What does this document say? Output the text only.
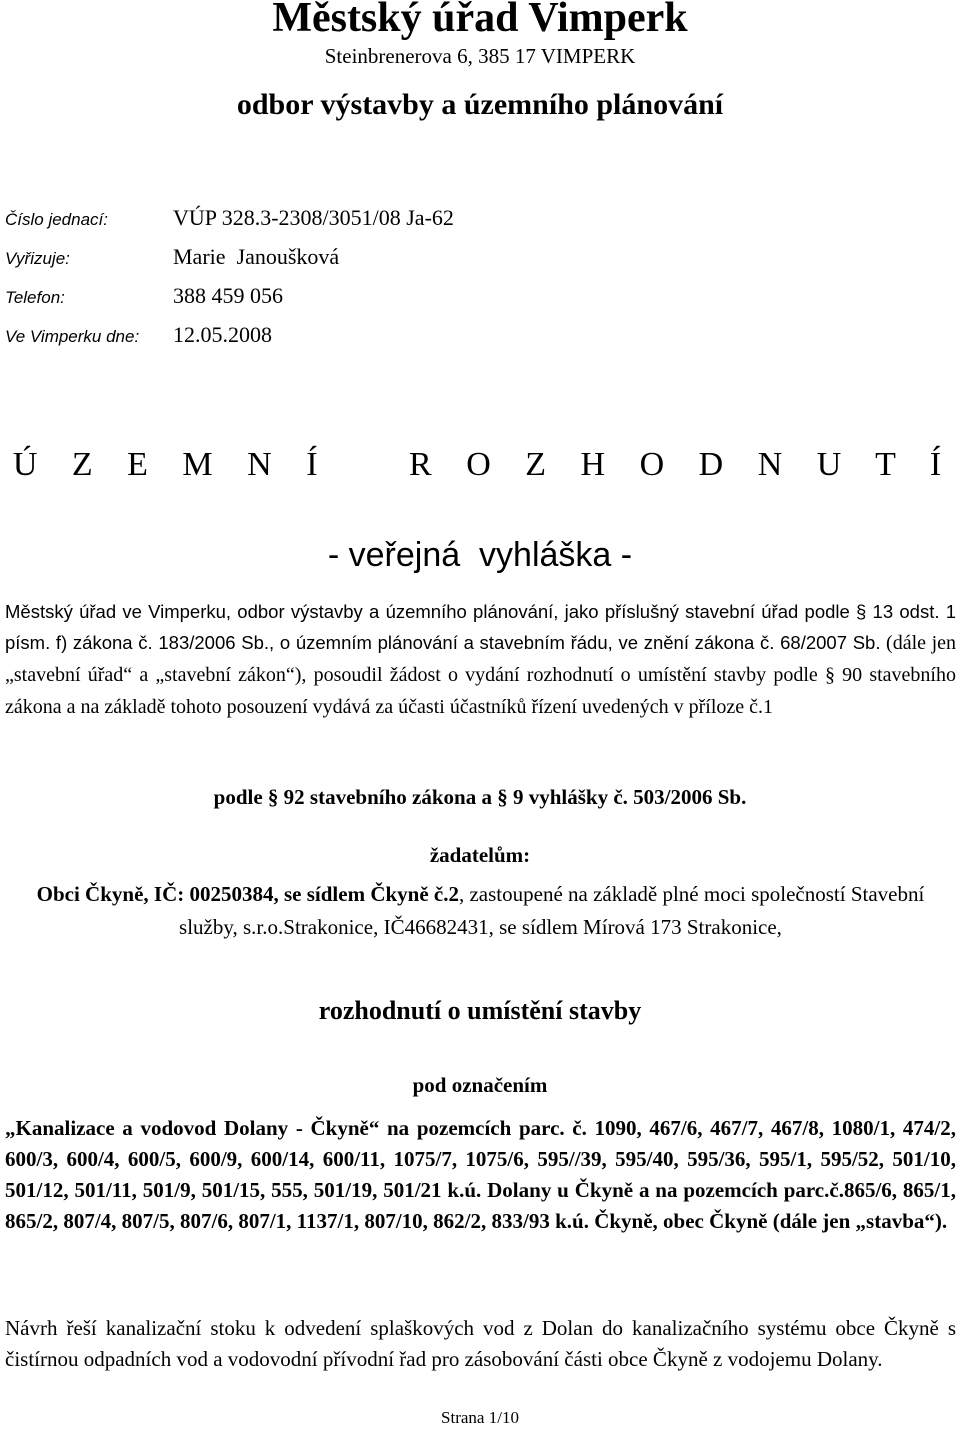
Městský úřad Vimperk
Steinbrenerova 6, 385 17 VIMPERK
odbor výstavby a územního plánování
Číslo jednací:	VÚP 328.3-2308/3051/08 Ja-62
Vyřizuje:	Marie  Janoušková
Telefon:	388 459 056
Ve Vimperku dne:	12.05.2008
Ú Z E M N Í   R O Z H O D N U T Í
- veřejná  vyhláška -
Městský úřad ve Vimperku, odbor výstavby a územního plánování, jako příslušný stavební úřad podle § 13 odst. 1 písm. f) zákona č. 183/2006 Sb., o územním plánování a stavebním řádu, ve znění zákona č. 68/2007 Sb. (dále jen „stavební úřad“ a „stavební zákon“), posoudil žádost o vydání rozhodnutí o umístění stavby podle § 90 stavebního zákona a na základě tohoto posouzení vydává za účasti účastníků řízení uvedených v příloze č.1
podle § 92 stavebního zákona a § 9 vyhlášky č. 503/2006 Sb.
žadatelům:
Obci Čkyně, IČ: 00250384, se sídlem Čkyně č.2, zastoupené na základě plné moci společností Stavební služby, s.r.o.Strakonice, IČ46682431, se sídlem Mírová 173 Strakonice,
rozhodnutí o umístění stavby
pod označením
„Kanalizace a vodovod Dolany - Čkyně“ na pozemcích parc. č. 1090, 467/6, 467/7, 467/8, 1080/1, 474/2, 600/3, 600/4, 600/5, 600/9, 600/14, 600/11, 1075/7, 1075/6, 595//39, 595/40, 595/36, 595/1, 595/52, 501/10, 501/12, 501/11, 501/9, 501/15, 555, 501/19, 501/21 k.ú. Dolany u Čkyně a na pozemcích parc.č.865/6, 865/1, 865/2, 807/4, 807/5, 807/6, 807/1, 1137/1, 807/10, 862/2, 833/93 k.ú. Čkyně, obec Čkyně (dále jen „stavba“).
Návrh řeší kanalizační stoku k odvedení splaškových vod z Dolan do kanalizačního systému obce Čkyně s čistírnou odpadních vod a vodovodní přívodní řad pro zásobování části obce Čkyně z vodojemu Dolany.
Strana 1/10
